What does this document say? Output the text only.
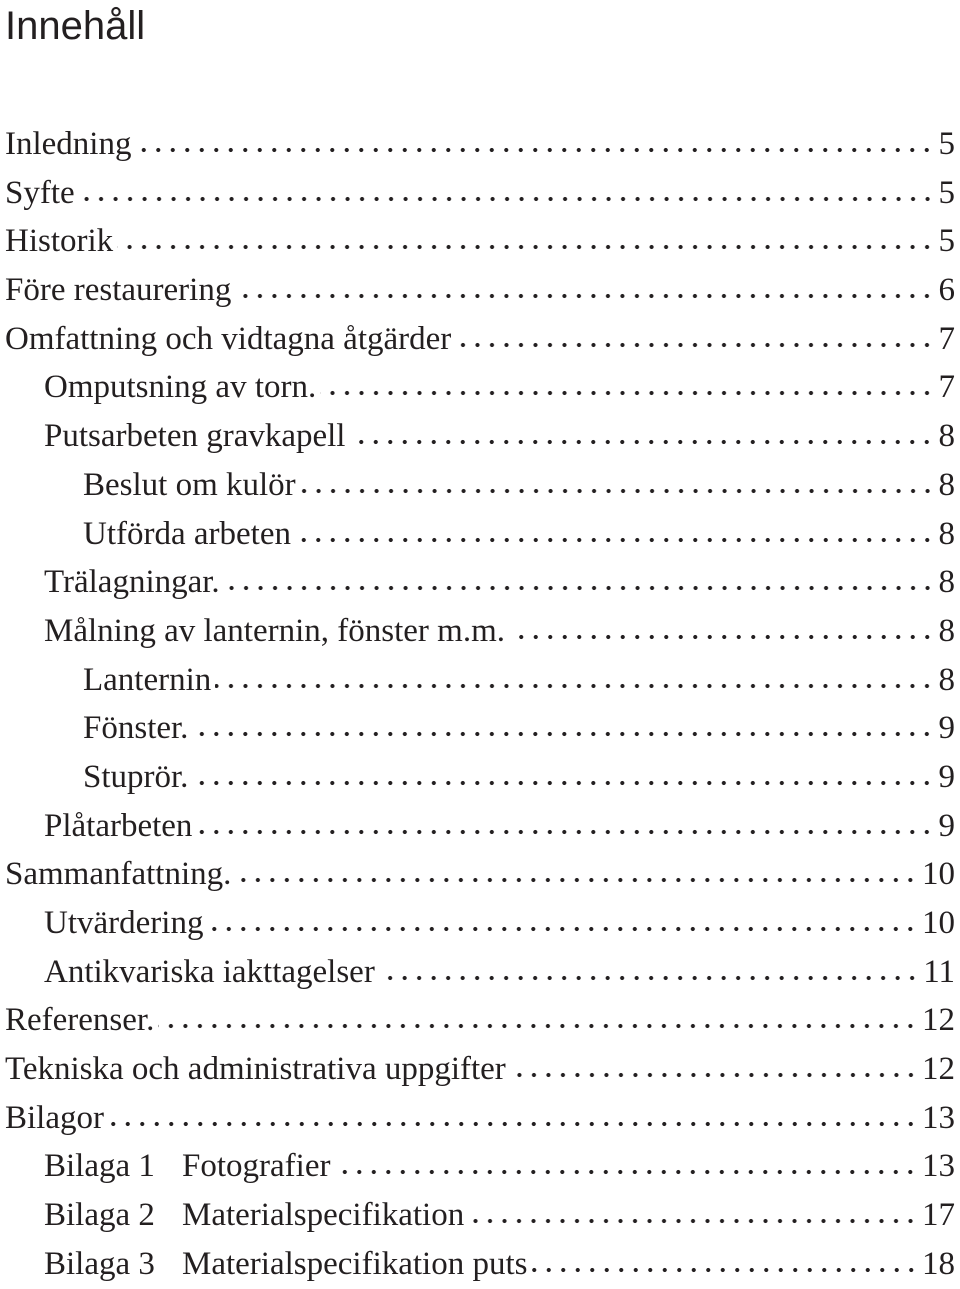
Innehåll
Inledning	5
Syfte	5
Historik	5
Före restaurering	6
Omfattning och vidtagna åtgärder	7
Omputsning av torn.	7
Putsarbeten gravkapell	8
Beslut om kulör	8
Utförda arbeten	8
Trälagningar.	8
Målning av lanternin, fönster m.m.	8
Lanternin	8
Fönster.	9
Stuprör.	9
Plåtarbeten	9
Sammanfattning.	10
Utvärdering	10
Antikvariska iakttagelser	11
Referenser.	12
Tekniska och administrativa uppgifter	12
Bilagor	13
Bilaga 1 Fotografier	13
Bilaga 2 Materialspecifikation	17
Bilaga 3 Materialspecifikation puts	18
